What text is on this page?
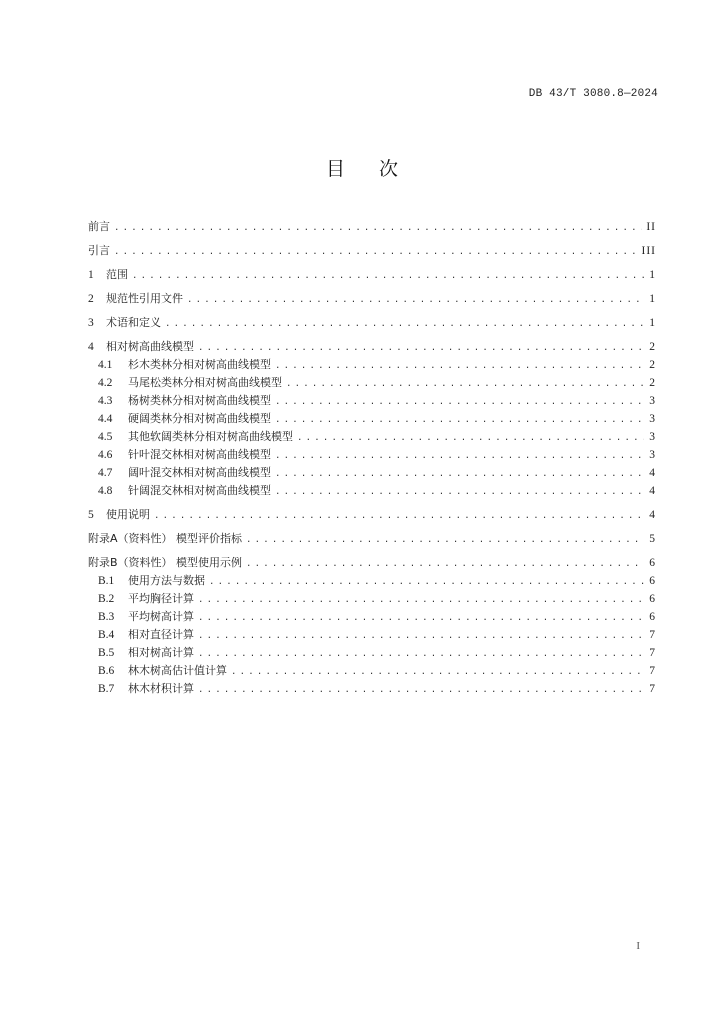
DB 43/T 3080.8—2024
目次
前言 .....	II
引言 .....	III
1	范围 .....	1
2	规范性引用文件 .....	1
3	术语和定义 .....	1
4	相对树高曲线模型 .....	2
4.1	杉木类林分相对树高曲线模型 .....	2
4.2	马尾松类林分相对树高曲线模型 .....	2
4.3	杨树类林分相对树高曲线模型 .....	3
4.4	硬阔类林分相对树高曲线模型 .....	3
4.5	其他软阔类林分相对树高曲线模型 .....	3
4.6	针叶混交林相对树高曲线模型 .....	3
4.7	阔叶混交林相对树高曲线模型 .....	4
4.8	针阔混交林相对树高曲线模型 .....	4
5	使用说明 .....	4
附录A（资料性） 模型评价指标 .....	5
附录B（资料性） 模型使用示例 .....	6
B.1	使用方法与数据 .....	6
B.2	平均胸径计算 .....	6
B.3	平均树高计算 .....	6
B.4	相对直径计算 .....	7
B.5	相对树高计算 .....	7
B.6	林木树高估计值计算 .....	7
B.7	林木材积计算 .....	7
I
